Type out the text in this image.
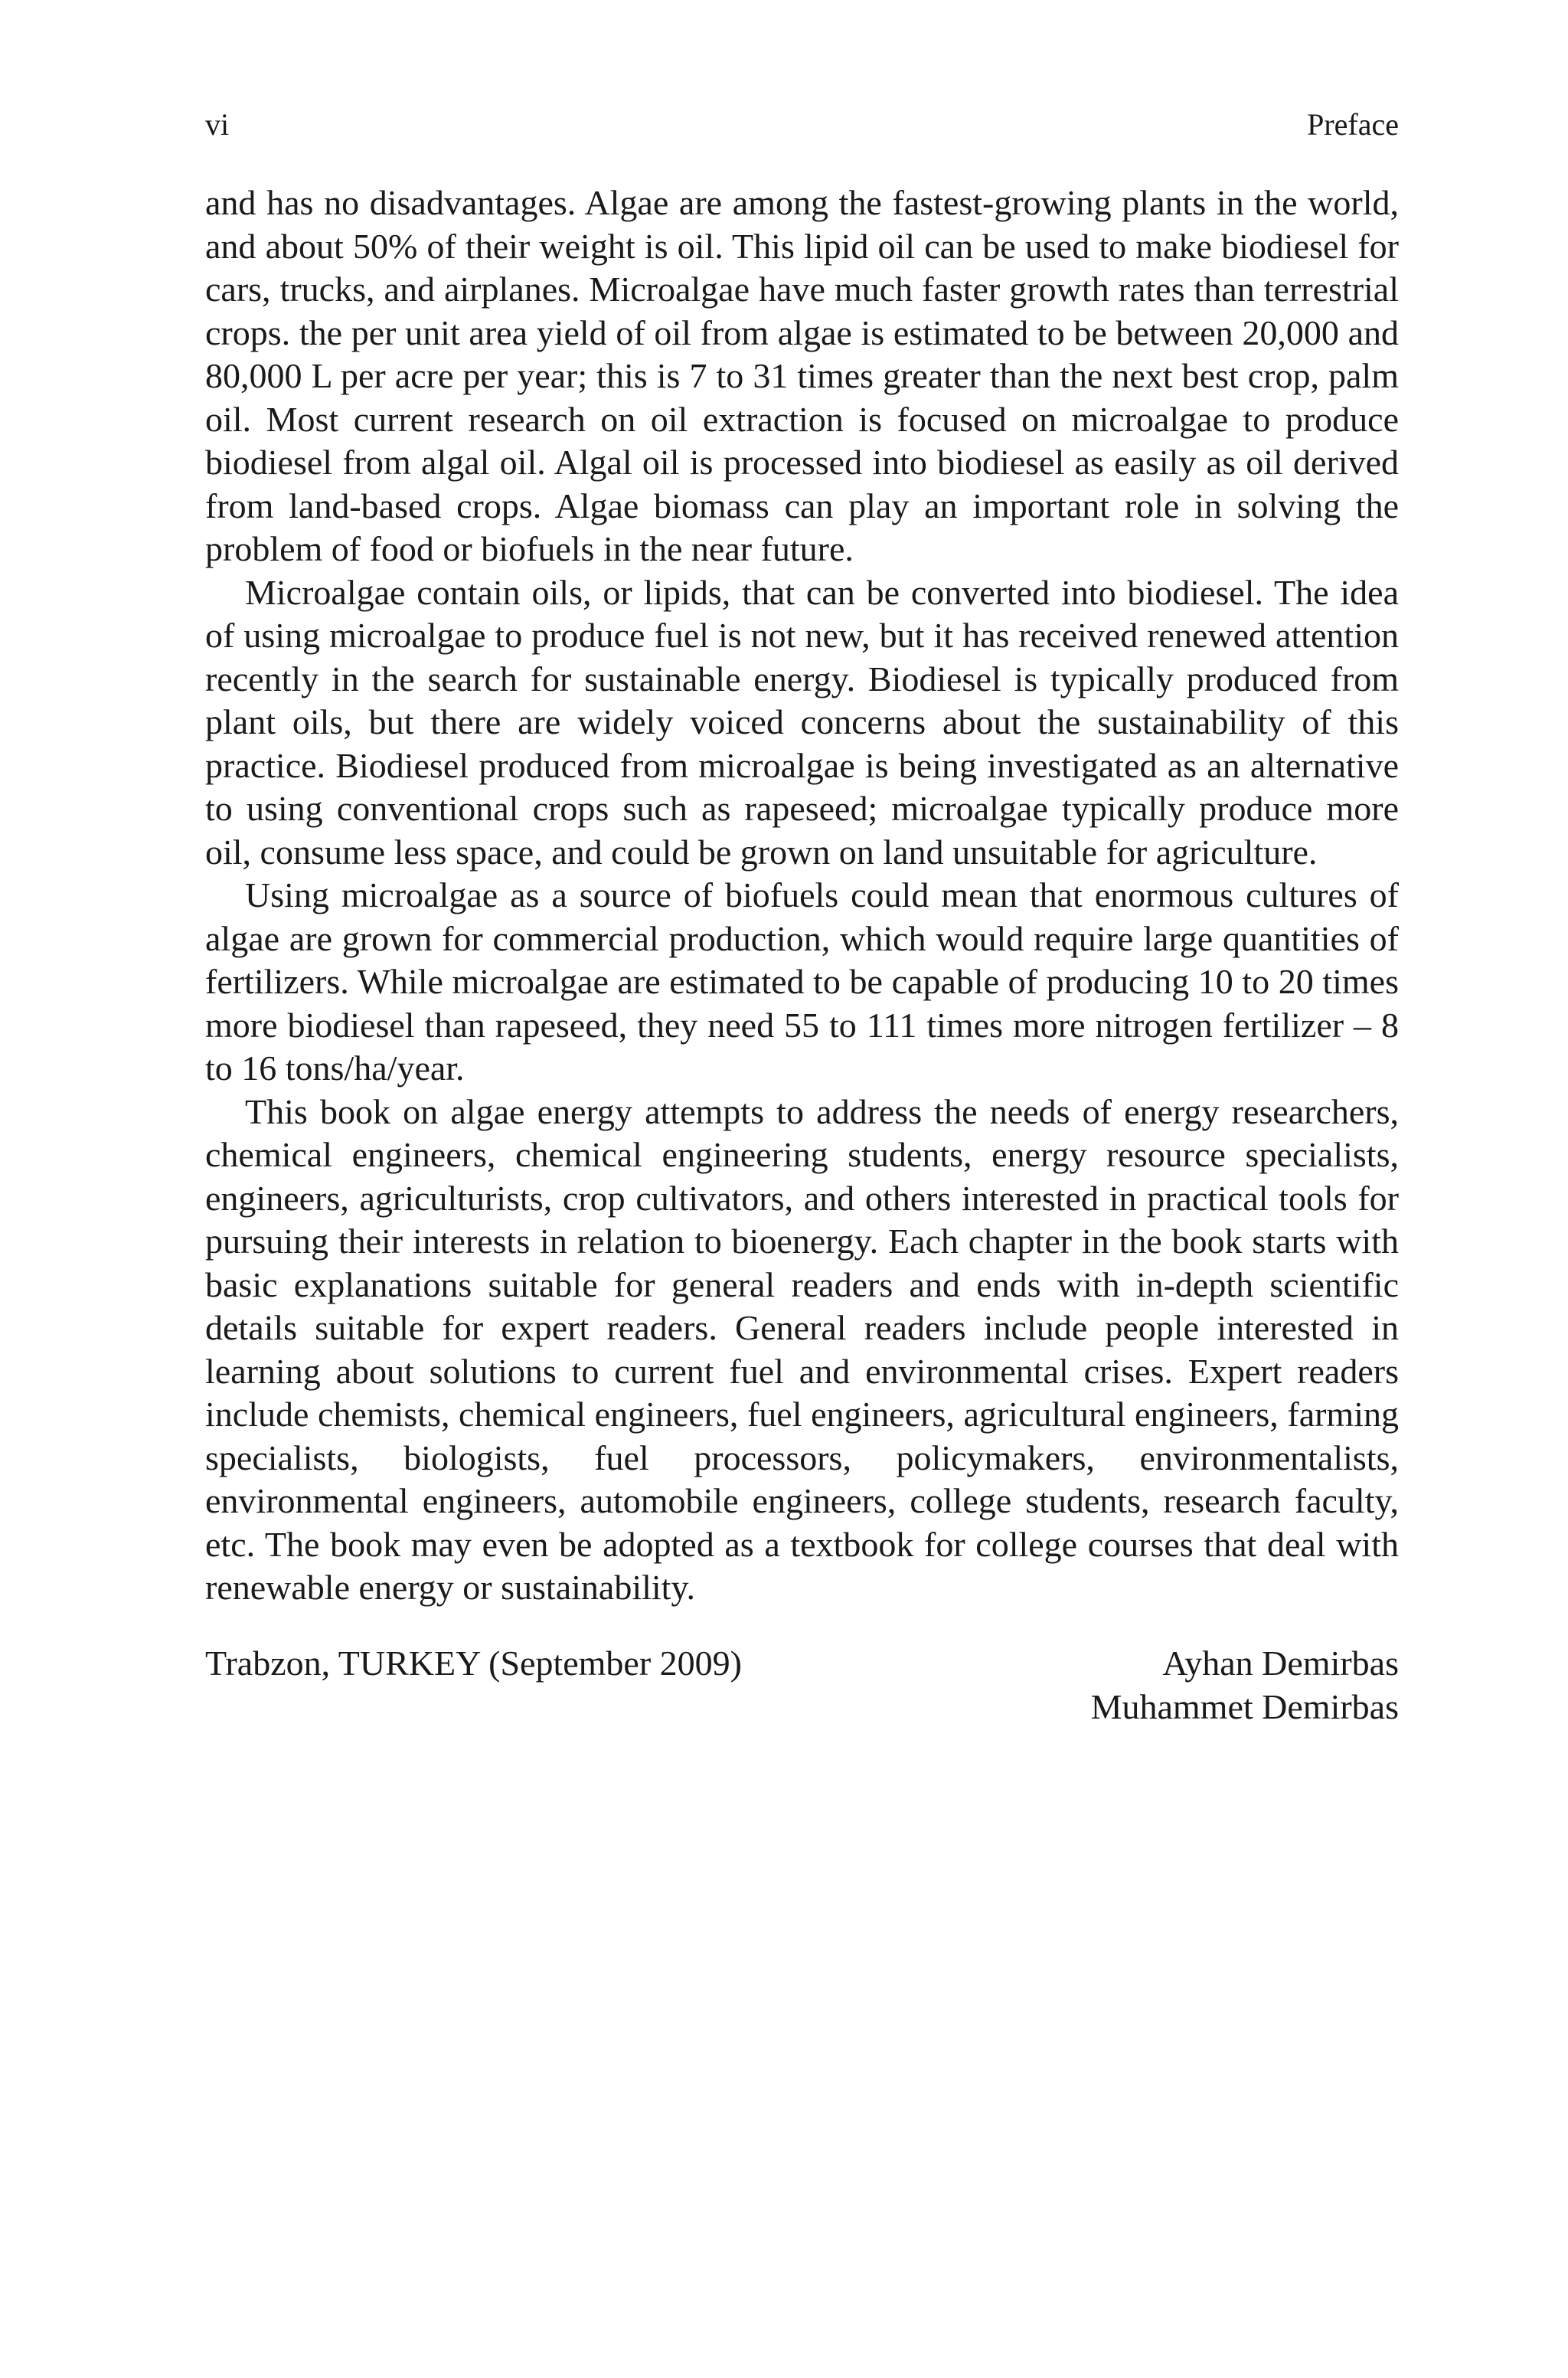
vi	Preface

and has no disadvantages. Algae are among the fastest-growing plants in the world, and about 50% of their weight is oil. This lipid oil can be used to make biodiesel for cars, trucks, and airplanes. Microalgae have much faster growth rates than terrestrial crops. the per unit area yield of oil from algae is estimated to be between 20,000 and 80,000 L per acre per year; this is 7 to 31 times greater than the next best crop, palm oil. Most current research on oil extraction is focused on microalgae to produce biodiesel from algal oil. Algal oil is processed into biodiesel as easily as oil derived from land-based crops. Algae biomass can play an important role in solving the problem of food or biofuels in the near future.

Microalgae contain oils, or lipids, that can be converted into biodiesel. The idea of using microalgae to produce fuel is not new, but it has received renewed attention recently in the search for sustainable energy. Biodiesel is typically produced from plant oils, but there are widely voiced concerns about the sustainability of this practice. Biodiesel produced from microalgae is being investigated as an alternative to using conventional crops such as rapeseed; microalgae typically produce more oil, consume less space, and could be grown on land unsuitable for agriculture.

Using microalgae as a source of biofuels could mean that enormous cultures of algae are grown for commercial production, which would require large quantities of fertilizers. While microalgae are estimated to be capable of producing 10 to 20 times more biodiesel than rapeseed, they need 55 to 111 times more nitrogen fertilizer – 8 to 16 tons/ha/year.

This book on algae energy attempts to address the needs of energy researchers, chemical engineers, chemical engineering students, energy resource specialists, engineers, agriculturists, crop cultivators, and others interested in practical tools for pursuing their interests in relation to bioenergy. Each chapter in the book starts with basic explanations suitable for general readers and ends with in-depth scientific details suitable for expert readers. General readers include people interested in learning about solutions to current fuel and environmental crises. Expert readers include chemists, chemical engineers, fuel engineers, agricultural engineers, farming specialists, biologists, fuel processors, policymakers, environmentalists, environmental engineers, automobile engineers, college students, research faculty, etc. The book may even be adopted as a textbook for college courses that deal with renewable energy or sustainability.

Trabzon, TURKEY (September 2009)	Ayhan Demirbas
Muhammet Demirbas
